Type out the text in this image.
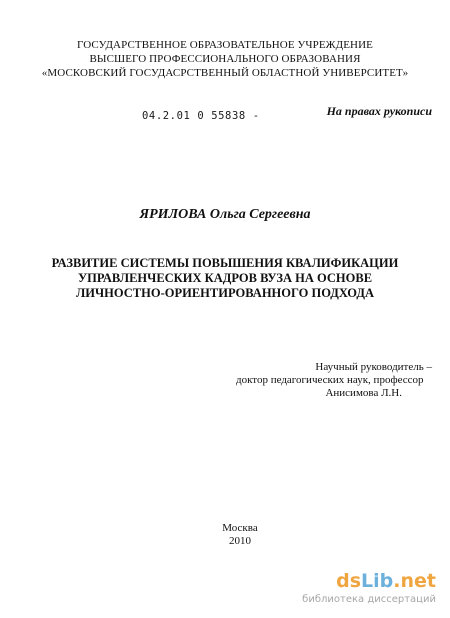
ГОСУДАРСТВЕННОЕ ОБРАЗОВАТЕЛЬНОЕ УЧРЕЖДЕНИЕ
ВЫСШЕГО ПРОФЕССИОНАЛЬНОГО ОБРАЗОВАНИЯ
«МОСКОВСКИЙ ГОСУДАСРСТВЕННЫЙ ОБЛАСТНОЙ УНИВЕРСИТЕТ»
04.2.01 0 55838 -	На правах рукописи
ЯРИЛОВА Ольга Сергеевна
РАЗВИТИЕ СИСТЕМЫ ПОВЫШЕНИЯ КВАЛИФИКАЦИИ
УПРАВЛЕНЧЕСКИХ КАДРОВ ВУЗА НА ОСНОВЕ
ЛИЧНОСТНО-ОРИЕНТИРОВАННОГО ПОДХОДА
Научный руководитель –
доктор педагогических наук, профессор
Анисимова Л.Н.
Москва
2010
dsLib.net
библиотека диссертаций
